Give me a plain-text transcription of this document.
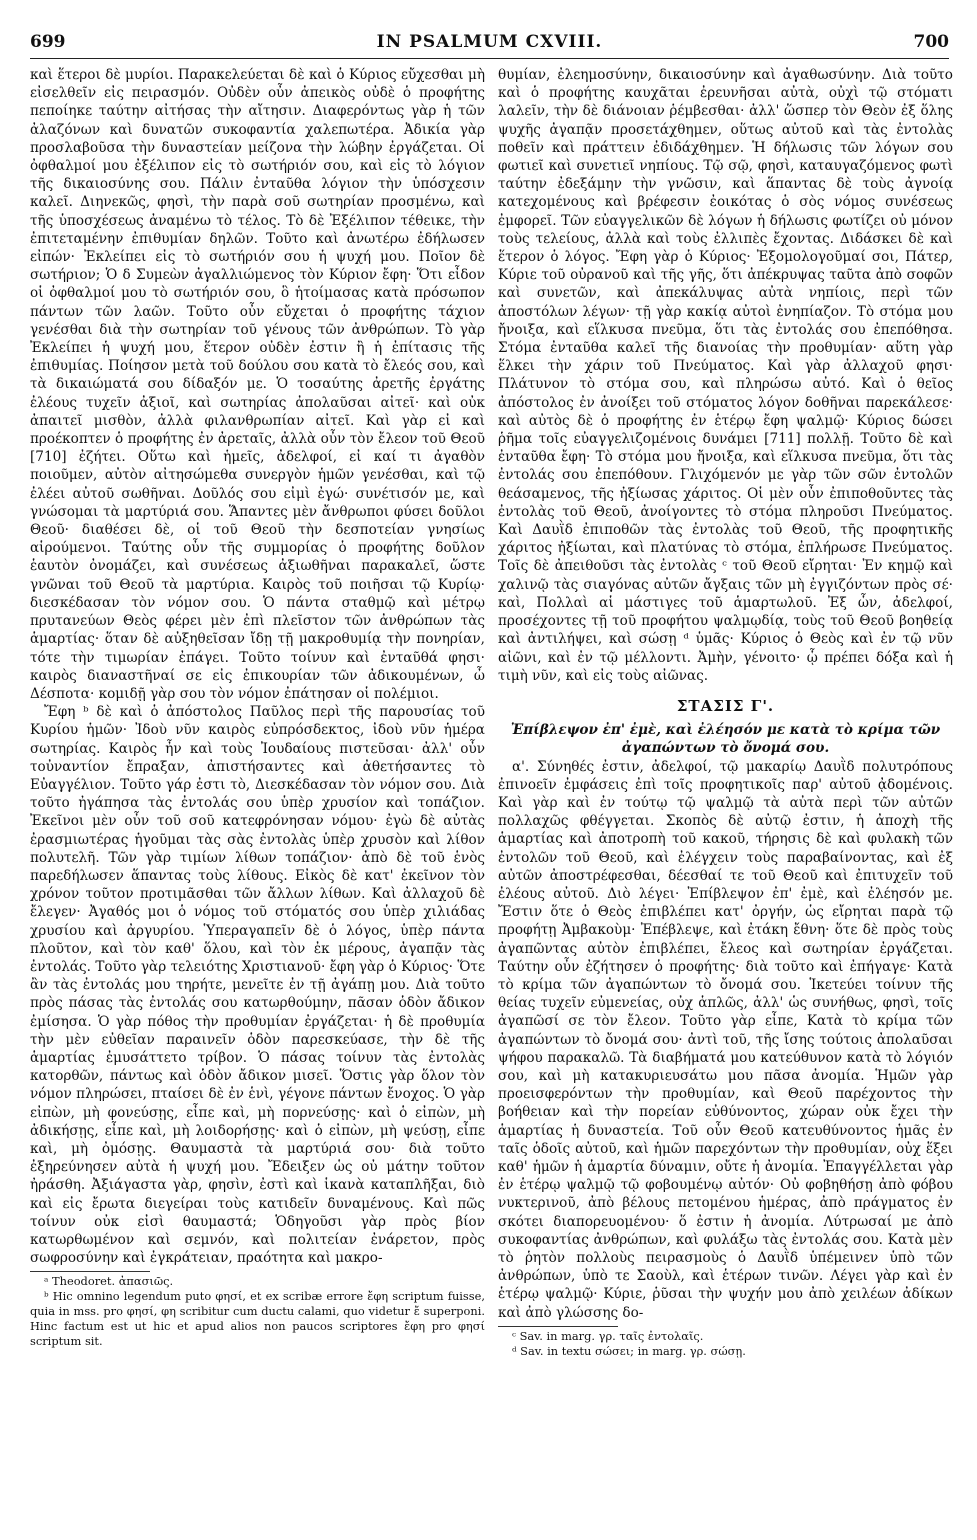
699	IN PSALMUM CXVIII.	700

καὶ ἕτεροι δὲ μυρίοι. Παρακελεύεται δὲ καὶ ὁ Κύριος εὔχεσθαι μὴ εἰσελθεῖν εἰς πειρασμόν. Οὐδὲν οὖν ἀπεικὸς οὐδὲ ὁ προφήτης πεποίηκε ταύτην αἰτήσας τὴν αἴτησιν. Διαφερόντως γὰρ ἡ τῶν ἀλαζόνων καὶ δυνατῶν συκοφαντία χαλεπωτέρα. Ἀδικία γὰρ προσλαβοῦσα τὴν δυναστείαν μείζονα τὴν λώβην ἐργάζεται. Οἱ ὀφθαλμοί μου ἐξέλιπον εἰς τὸ σωτήριόν σου, καὶ εἰς τὸ λόγιον τῆς δικαιοσύνης σου. Πάλιν ἐνταῦθα λόγιον τὴν ὑπόσχεσιν καλεῖ. Διηνεκῶς, φησὶ, τὴν παρὰ σοῦ σωτηρίαν προσμένω, καὶ τῆς ὑποσχέσεως ἀναμένω τὸ τέλος. Τὸ δὲ Ἐξέλιπον τέθεικε, τὴν ἐπιτεταμένην ἐπιθυμίαν δηλῶν. Τοῦτο καὶ ἀνωτέρω ἐδήλωσεν εἰπών· Ἐκλείπει εἰς τὸ σωτήριόν σου ἡ ψυχή μου. Ποῖον δὲ σωτήριον; Ὁ δ Συμεὼν ἀγαλλιώμενος τὸν Κύριον ἔφη· Ὅτι εἶδον οἱ ὀφθαλμοί μου τὸ σωτήριόν σου, ὃ ἡτοίμασας κατὰ πρόσωπον πάντων τῶν λαῶν. Τοῦτο οὖν εὔχεται ὁ προφήτης τάχιον γενέσθαι διὰ τὴν σωτηρίαν τοῦ γένους τῶν ἀνθρώπων. Τὸ γὰρ Ἐκλείπει ἡ ψυχή μου, ἕτερον οὐδὲν ἐστιν ἢ ἡ ἐπίτασις τῆς ἐπιθυμίας. Ποίησον μετὰ τοῦ δούλου σου κατὰ τὸ ἔλεός σου, καὶ τὰ δικαιώματά σου δίδαξόν με. Ὁ τοσαύτης ἀρετῆς ἐργάτης ἐλέους τυχεῖν ἀξιοῖ, καὶ σωτηρίας ἀπολαῦσαι αἰτεῖ· καὶ οὐκ ἀπαιτεῖ μισθὸν, ἀλλὰ φιλανθρωπίαν αἰτεῖ. Καὶ γὰρ εἰ καὶ προέκοπτεν ὁ προφήτης ἐν ἀρεταῖς, ἀλλὰ οὖν τὸν ἔλεον τοῦ Θεοῦ [710] ἐζήτει. Οὕτω καὶ ἡμεῖς, ἀδελφοί, εἰ καί τι ἀγαθὸν ποιοῦμεν, αὐτὸν αἰτησώμεθα συνεργὸν ἡμῶν γενέσθαι, καὶ τῷ ἐλέει αὐτοῦ σωθῆναι. Δοῦλός σου εἰμὶ ἐγώ· συνέτισόν με, καὶ γνώσομαι τὰ μαρτύριά σου. Ἅπαντες μὲν ἄνθρωποι φύσει δοῦλοι Θεοῦ· διαθέσει δὲ, οἱ τοῦ Θεοῦ τὴν δεσποτείαν γνησίως αἱρούμενοι. Ταύτης οὖν τῆς συμμορίας ὁ προφήτης δοῦλον ἑαυτὸν ὀνομάζει, καὶ συνέσεως ἀξιωθῆναι παρακαλεῖ, ὥστε γνῶναι τοῦ Θεοῦ τὰ μαρτύρια. Καιρὸς τοῦ ποιῆσαι τῷ Κυρίῳ· διεσκέδασαν τὸν νόμον σου. Ὁ πάντα σταθμῷ καὶ μέτρῳ πρυτανεύων Θεὸς φέρει μὲν ἐπὶ πλεῖστον τῶν ἀνθρώπων τὰς ἁμαρτίας· ὅταν δὲ αὐξηθεῖσαν ἴδῃ τῇ μακροθυμίᾳ τὴν πονηρίαν, τότε τὴν τιμωρίαν ἐπάγει. Τοῦτο τοίνυν καὶ ἐνταῦθά φησι· καιρὸς διαναστῆναί σε εἰς ἐπικουρίαν τῶν ἀδικουμένων, ὦ Δέσποτα· κομιδῇ γὰρ σου τὸν νόμον ἐπάτησαν οἱ πολέμιοι.

Ἔφη ᵇ δὲ καὶ ὁ ἀπόστολος Παῦλος περὶ τῆς παρουσίας τοῦ Κυρίου ἡμῶν· Ἰδοὺ νῦν καιρὸς εὐπρόσδεκτος, ἰδοὺ νῦν ἡμέρα σωτηρίας. Καιρὸς ἦν καὶ τοὺς Ἰουδαίους πιστεῦσαι· ἀλλ' οὖν τοὐναντίον ἔπραξαν, ἀπιστήσαντες καὶ ἀθετήσαντες τὸ Εὐαγγέλιον. Τοῦτο γάρ ἐστι τὸ, Διεσκέδασαν τὸν νόμον σου. Διὰ τοῦτο ἠγάπησα τὰς ἐντολάς σου ὑπὲρ χρυσίον καὶ τοπάζιον. Ἐκεῖνοι μὲν οὖν τοῦ σοῦ κατεφρόνησαν νόμου· ἐγὼ δὲ αὐτὰς ἐρασμιωτέρας ἡγοῦμαι τὰς σὰς ἐντολὰς ὑπὲρ χρυσὸν καὶ λίθον πολυτελῆ. Τῶν γὰρ τιμίων λίθων τοπάζιον· ἀπὸ δὲ τοῦ ἑνὸς παρεδήλωσεν ἅπαντας τοὺς λίθους. Εἰκὸς δὲ κατ' ἐκεῖνον τὸν χρόνον τοῦτον προτιμᾶσθαι τῶν ἄλλων λίθων. Καὶ ἀλλαχοῦ δὲ ἔλεγεν· Ἀγαθός μοι ὁ νόμος τοῦ στόματός σου ὑπὲρ χιλιάδας χρυσίου καὶ ἀργυρίου. Ὑπεραγαπεῖν δὲ ὁ λόγος, ὑπὲρ πάντα πλοῦτον, καὶ τὸν καθ' ὅλου, καὶ τὸν ἐκ μέρους, ἀγαπᾷν τὰς ἐντολάς. Τοῦτο γὰρ τελειότης Χριστιανοῦ· ἔφη γὰρ ὁ Κύριος· Ὅτε ἂν τὰς ἐντολάς μου τηρήτε, μενεῖτε ἐν τῇ ἀγάπῃ μου. Διὰ τοῦτο πρὸς πάσας τὰς ἐντολάς σου κατωρθούμην, πᾶσαν ὁδὸν ἄδικον ἐμίσησα. Ὁ γὰρ πόθος τὴν προθυμίαν ἐργάζεται· ἡ δὲ προθυμία τὴν μὲν εὐθεῖαν παραινεῖν ὁδὸν παρεσκεύασε, τὴν δὲ τῆς ἁμαρτίας ἐμυσάττετο τρίβον. Ὁ πάσας τοίνυν τὰς ἐντολὰς κατορθῶν, πάντως καὶ ὁδὸν ἄδικον μισεῖ. Ὅστις γὰρ ὅλον τὸν νόμον πληρώσει, πταίσει δὲ ἐν ἑνὶ, γέγονε πάντων ἔνοχος. Ὁ γὰρ εἰπὼν, μὴ φονεύσῃς, εἶπε καὶ, μὴ πορνεύσῃς· καὶ ὁ εἰπὼν, μὴ ἀδικήσῃς, εἶπε καὶ, μὴ λοιδορήσῃς· καὶ ὁ εἰπὼν, μὴ ψεύσῃ, εἶπε καὶ, μὴ ὀμόσῃς. Θαυμαστὰ τὰ μαρτύριά σου· διὰ τοῦτο ἐξηρεύνησεν αὐτὰ ἡ ψυχή μου. Ἔδειξεν ὡς οὐ μάτην τοῦτον ἠράσθη. Ἀξιάγαστα γὰρ, φησὶν, ἐστὶ καὶ ἱκανὰ καταπλῆξαι, διὸ καὶ εἰς ἔρωτα διεγείραι τοὺς κατιδεῖν δυναμένους. Καὶ πῶς τοίνυν οὐκ εἰσὶ θαυμαστά; Ὁδηγοῦσι γὰρ πρὸς βίον κατωρθωμένον καὶ σεμνόν, καὶ πολιτείαν ἐνάρετον, πρὸς σωφροσύνην καὶ ἐγκράτειαν, πραότητα καὶ μακρο-

ᵃ Theodoret. ἀπασιῶς.

ᵇ Hic omnino legendum puto φησί, et ex scribæ errore ἔφη scriptum fuisse, quia in mss. pro φησί, φη scribitur cum ductu calami, quo videtur ἔ superponi. Hinc factum est ut hic et apud alios non paucos scriptores ἔφη pro φησί scriptum sit.

θυμίαν, ἐλεημοσύνην, δικαιοσύνην καὶ ἀγαθωσύνην. Διὰ τοῦτο καὶ ὁ προφήτης καυχᾶται ἐρευνῆσαι αὐτὰ, οὐχὶ τῷ στόματι λαλεῖν, τὴν δὲ διάνοιαν ῥέμβεσθαι· ἀλλ' ὥσπερ τὸν Θεὸν ἐξ ὅλης ψυχῆς ἀγαπᾷν προσετάχθημεν, οὕτως αὐτοῦ καὶ τὰς ἐντολὰς ποθεῖν καὶ πράττειν ἐδιδάχθημεν. Ἡ δήλωσις τῶν λόγων σου φωτιεῖ καὶ συνετιεῖ νηπίους. Τῷ σῷ, φησὶ, καταυγαζόμενος φωτὶ ταύτην ἐδεξάμην τὴν γνῶσιν, καὶ ἅπαντας δὲ τοὺς ἀγνοίᾳ κατεχομένους καὶ βρέφεσιν ἐοικότας ὁ σὸς νόμος συνέσεως ἐμφορεῖ. Τῶν εὐαγγελικῶν δὲ λόγων ἡ δήλωσις φωτίζει οὐ μόνον τοὺς τελείους, ἀλλὰ καὶ τοὺς ἐλλιπὲς ἔχοντας. Διδάσκει δὲ καὶ ἕτερον ὁ λόγος. Ἔφη γὰρ ὁ Κύριος· Ἐξομολογοῦμαί σοι, Πάτερ, Κύριε τοῦ οὐρανοῦ καὶ τῆς γῆς, ὅτι ἀπέκρυψας ταῦτα ἀπὸ σοφῶν καὶ συνετῶν, καὶ ἀπεκάλυψας αὐτὰ νηπίοις, περὶ τῶν ἀποστόλων λέγων· τῇ γὰρ κακίᾳ αὐτοὶ ἐνηπίαζον. Τὸ στόμα μου ἤνοιξα, καὶ εἵλκυσα πνεῦμα, ὅτι τὰς ἐντολάς σου ἐπεπόθησα. Στόμα ἐνταῦθα καλεῖ τῆς διανοίας τὴν προθυμίαν· αὕτη γὰρ ἕλκει τὴν χάριν τοῦ Πνεύματος. Καὶ γὰρ ἀλλαχοῦ φησι· Πλάτυνον τὸ στόμα σου, καὶ πληρώσω αὐτό. Καὶ ὁ θεῖος ἀπόστολος ἐν ἀνοίξει τοῦ στόματος λόγον δοθῆναι παρεκάλεσε· καὶ αὐτὸς δὲ ὁ προφήτης ἐν ἑτέρῳ ἔφη ψαλμῷ· Κύριος δώσει ῥῆμα τοῖς εὐαγγελιζομένοις δυνάμει [711] πολλῇ. Τοῦτο δὲ καὶ ἐνταῦθα ἔφη· Τὸ στόμα μου ἤνοιξα, καὶ εἵλκυσα πνεῦμα, ὅτι τὰς ἐντολάς σου ἐπεπόθουν. Γλιχόμενόν με γὰρ τῶν σῶν ἐντολῶν θεάσαμενος, τῆς ἠξίωσας χάριτος. Οἱ μὲν οὖν ἐπιποθοῦντες τὰς ἐντολὰς τοῦ Θεοῦ, ἀνοίγοντες τὸ στόμα πληροῦσι Πνεύματος. Καὶ Δαυῒδ ἐπιποθῶν τὰς ἐντολὰς τοῦ Θεοῦ, τῆς προφητικῆς χάριτος ἠξίωται, καὶ πλατύνας τὸ στόμα, ἐπλήρωσε Πνεύματος. Τοῖς δὲ ἀπειθοῦσι τὰς ἐντολὰς ᶜ τοῦ Θεοῦ εἴρηται· Ἐν κημῷ καὶ χαλινῷ τὰς σιαγόνας αὐτῶν ἄγξαις τῶν μὴ ἐγγιζόντων πρὸς σέ· καὶ, Πολλαὶ αἱ μάστιγες τοῦ ἁμαρτωλοῦ. Ἐξ ὧν, ἀδελφοί, προσέχοντες τῇ τοῦ προφήτου ψαλμῳδίᾳ, τοὺς τοῦ Θεοῦ βοηθείᾳ καὶ ἀντιλήψει, καὶ σώσῃ ᵈ ὑμᾶς· Κύριος ὁ Θεὸς καὶ ἐν τῷ νῦν αἰῶνι, καὶ ἐν τῷ μέλλοντι. Ἀμὴν, γένοιτο· ᾧ πρέπει δόξα καὶ ἡ τιμὴ νῦν, καὶ εἰς τοὺς αἰῶνας.

ΣΤΑΣΙΣ Γ'.

Ἐπίβλεψον ἐπ' ἐμὲ, καὶ ἐλέησόν με κατὰ τὸ κρίμα τῶν ἀγαπώντων τὸ ὄνομά σου.

α'. Σύνηθές ἐστιν, ἀδελφοί, τῷ μακαρίῳ Δαυῒδ πολυτρόπους ἐπινοεῖν ἐμφάσεις ἐπὶ τοῖς προφητικοῖς παρ' αὐτοῦ ᾀδομένοις. Καὶ γὰρ καὶ ἐν τούτῳ τῷ ψαλμῷ τὰ αὐτὰ περὶ τῶν αὐτῶν πολλαχῶς φθέγγεται. Σκοπὸς δὲ αὐτῷ ἐστιν, ἡ ἀποχὴ τῆς ἁμαρτίας καὶ ἀποτροπὴ τοῦ κακοῦ, τήρησις δὲ καὶ φυλακὴ τῶν ἐντολῶν τοῦ Θεοῦ, καὶ ἐλέγχειν τοὺς παραβαίνοντας, καὶ ἐξ αὐτῶν ἀποστρέφεσθαι, δέεσθαί τε τοῦ Θεοῦ καὶ ἐπιτυχεῖν τοῦ ἐλέους αὐτοῦ. Διὸ λέγει· Ἐπίβλεψον ἐπ' ἐμὲ, καὶ ἐλέησόν με. Ἔστιν ὅτε ὁ Θεὸς ἐπιβλέπει κατ' ὀργήν, ὡς εἴρηται παρὰ τῷ προφήτῃ Ἀμβακοὺμ· Ἐπέβλεψε, καὶ ἐτάκη ἔθνη· ὅτε δὲ πρὸς τοὺς ἀγαπῶντας αὐτὸν ἐπιβλέπει, ἔλεος καὶ σωτηρίαν ἐργάζεται. Ταύτην οὖν ἐζήτησεν ὁ προφήτης· διὰ τοῦτο καὶ ἐπήγαγε· Κατὰ τὸ κρίμα τῶν ἀγαπώντων τὸ ὄνομά σου. Ἱκετεύει τοίνυν τῆς θείας τυχεῖν εὐμενείας, οὐχ ἁπλῶς, ἀλλ' ὡς συνήθως, φησὶ, τοῖς ἀγαπῶσί σε τὸν ἔλεον. Τοῦτο γὰρ εἶπε, Κατὰ τὸ κρίμα τῶν ἀγαπώντων τὸ ὄνομά σου· ἀντὶ τοῦ, τῆς ἴσης τούτοις ἀπολαῦσαι ψήφου παρακαλῶ. Τὰ διαβήματά μου κατεύθυνον κατὰ τὸ λόγιόν σου, καὶ μὴ κατακυριευσάτω μου πᾶσα ἀνομία. Ἡμῶν γὰρ προεισφερόντων τὴν προθυμίαν, καὶ Θεοῦ παρέχοντος τὴν βοήθειαν καὶ τὴν πορείαν εὐθύνοντος, χώραν οὐκ ἔχει τὴν ἁμαρτίας ἡ δυναστεία. Τοῦ οὖν Θεοῦ κατευθύνοντος ἡμᾶς ἐν ταῖς ὁδοῖς αὐτοῦ, καὶ ἡμῶν παρεχόντων τὴν προθυμίαν, οὐχ ἕξει καθ' ἡμῶν ἡ ἁμαρτία δύναμιν, οὔτε ἡ ἀνομία. Ἐπαγγέλλεται γὰρ ἐν ἑτέρῳ ψαλμῷ τῷ φοβουμένῳ αὐτόν· Οὐ φοβηθήσῃ ἀπὸ φόβου νυκτερινοῦ, ἀπὸ βέλους πετομένου ἡμέρας, ἀπὸ πράγματος ἐν σκότει διαπορευομένου· ὅ ἐστιν ἡ ἀνομία. Λύτρωσαί με ἀπὸ συκοφαντίας ἀνθρώπων, καὶ φυλάξω τὰς ἐντολάς σου. Κατὰ μὲν τὸ ῥητὸν πολλοὺς πειρασμοὺς ὁ Δαυῒδ ὑπέμεινεν ὑπὸ τῶν ἀνθρώπων, ὑπὸ τε Σαοὺλ, καὶ ἑτέρων τινῶν. Λέγει γὰρ καὶ ἐν ἑτέρῳ ψαλμῷ· Κύριε, ῥῦσαι τὴν ψυχήν μου ἀπὸ χειλέων ἀδίκων καὶ ἀπὸ γλώσσης δο-

ᶜ Sav. in marg. γρ. ταῖς ἐντολαῖς.

ᵈ Sav. in textu σώσει; in marg. γρ. σώσῃ.
